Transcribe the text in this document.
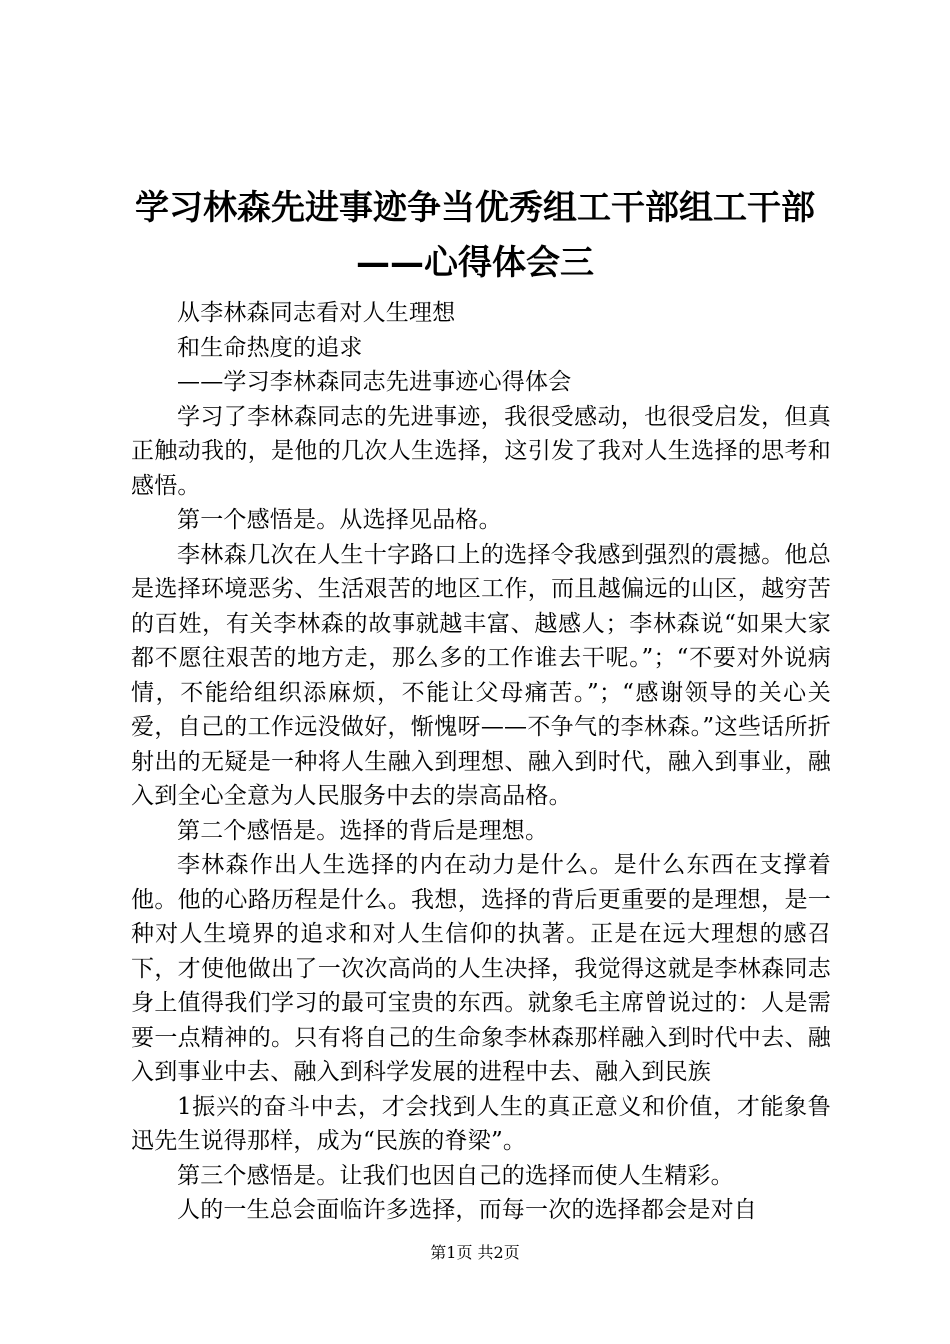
学习林森先进事迹争当优秀组工干部组工干部
——心得体会三

从李林森同志看对人生理想

和生命热度的追求

——学习李林森同志先进事迹心得体会

学习了李林森同志的先进事迹，我很受感动，也很受启发，但真正触动我的，是他的几次人生选择，这引发了我对人生选择的思考和感悟。

第一个感悟是。从选择见品格。

李林森几次在人生十字路口上的选择令我感到强烈的震撼。他总是选择环境恶劣、生活艰苦的地区工作，而且越偏远的山区，越穷苦的百姓，有关李林森的故事就越丰富、越感人；李林森说“如果大家都不愿往艰苦的地方走，那么多的工作谁去干呢。”；“不要对外说病情，不能给组织添麻烦，不能让父母痛苦。”；“感谢领导的关心关爱，自己的工作远没做好，惭愧呀——不争气的李林森。”这些话所折射出的无疑是一种将人生融入到理想、融入到时代，融入到事业，融入到全心全意为人民服务中去的崇高品格。

第二个感悟是。选择的背后是理想。

李林森作出人生选择的内在动力是什么。是什么东西在支撑着他。他的心路历程是什么。我想，选择的背后更重要的是理想，是一种对人生境界的追求和对人生信仰的执著。正是在远大理想的感召下，才使他做出了一次次高尚的人生决择，我觉得这就是李林森同志身上值得我们学习的最可宝贵的东西。就象毛主席曾说过的：人是需要一点精神的。只有将自己的生命象李林森那样融入到时代中去、融入到事业中去、融入到科学发展的进程中去、融入到民族

1振兴的奋斗中去，才会找到人生的真正意义和价值，才能象鲁迅先生说得那样，成为“民族的脊梁”。

第三个感悟是。让我们也因自己的选择而使人生精彩。

人的一生总会面临许多选择，而每一次的选择都会是对自

第1页 共2页
